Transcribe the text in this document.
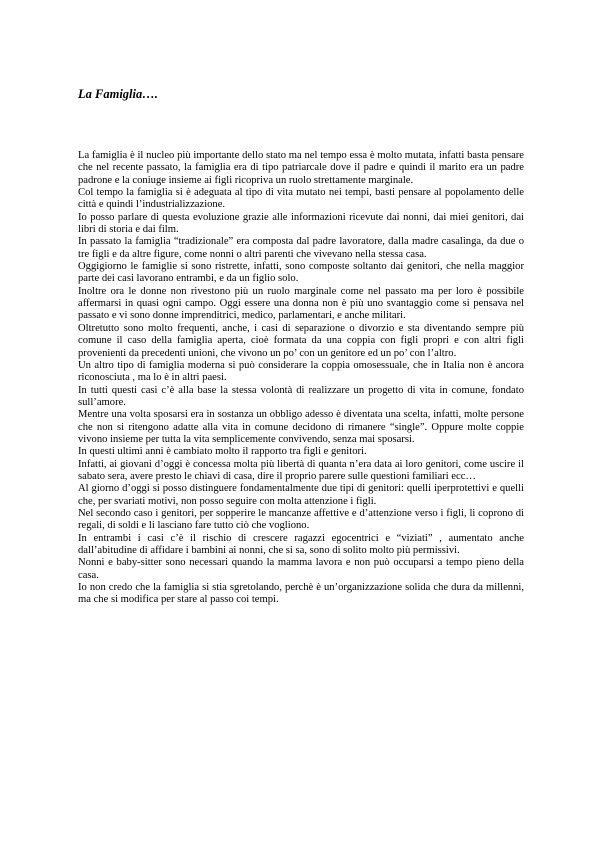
La Famiglia….

La famiglia è il nucleo più importante dello stato ma nel tempo essa è molto mutata, infatti basta pensare che nel recente passato, la famiglia era di tipo patriarcale dove il padre e quindi il marito era un padre padrone e la coniuge insieme ai figli ricopriva un ruolo strettamente marginale.

Col tempo la famiglia si è adeguata al tipo di vita mutato nei tempi, basti pensare al popolamento delle città e quindi l’industrializzazione.

Io posso parlare di questa evoluzione grazie alle informazioni ricevute dai nonni, dai miei genitori, dai libri di storia e dai film.

In passato la famiglia “tradizionale” era composta dal padre lavoratore, dalla madre casalinga, da due o tre figli e da altre figure, come nonni o altri parenti che vivevano nella stessa casa.

Oggigiorno le famiglie si sono ristrette, infatti, sono composte soltanto dai genitori, che nella maggior parte dei casi lavorano entrambi, e da un figlio solo.

Inoltre ora le donne non rivestono più un ruolo marginale come nel passato ma per loro è possibile affermarsi in quasi ogni campo. Oggi essere una donna non è più uno svantaggio come si pensava nel passato e vi sono donne imprenditrici, medico, parlamentari, e anche militari.

Oltretutto sono molto frequenti, anche, i casi di separazione o divorzio e sta diventando sempre più comune il caso della famiglia aperta, cioè formata da una coppia con figli propri e con altri figli provenienti da precedenti unioni, che vivono un po’ con un genitore ed un po’ con l’altro.

Un altro tipo di famiglia moderna si può considerare la coppia omosessuale, che in Italia non è ancora riconosciuta , ma lo è in altri paesi.

In tutti questi casi c’è alla base la stessa volontà di realizzare un progetto di vita in comune, fondato sull’amore.

Mentre una volta sposarsi era in sostanza un obbligo adesso è diventata una scelta, infatti, molte persone che non si ritengono adatte alla vita in comune decidono di rimanere “single”. Oppure molte coppie vivono insieme per tutta la vita semplicemente convivendo, senza mai sposarsi.

In questi ultimi anni è cambiato molto il rapporto tra figli e genitori.

Infatti, ai giovani d’oggi è concessa molta più libertà di quanta n’era data ai loro genitori, come uscire il sabato sera, avere presto le chiavi di casa, dire il proprio parere sulle questioni familiari ecc…

Al giorno d’oggi si posso distinguere fondamentalmente due tipi di genitori: quelli iperprotettivi e quelli che, per svariati motivi, non posso seguire con molta attenzione i figli.

Nel secondo caso i genitori, per sopperire le mancanze affettive e d’attenzione verso i figli, li coprono di regali, di soldi e li lasciano fare tutto ciò che vogliono.

In entrambi i casi c’è il rischio di crescere ragazzi egocentrici e “viziati” , aumentato anche dall’abitudine di affidare i bambini ai nonni, che si sa, sono di solito molto più permissivi.

Nonni e baby-sitter sono necessari quando la mamma lavora e non può occuparsi a tempo pieno della casa.

Io non credo che la famiglia si stia sgretolando, perchè è un’organizzazione solida che dura da millenni, ma che si modifica per stare al passo coi tempi.
